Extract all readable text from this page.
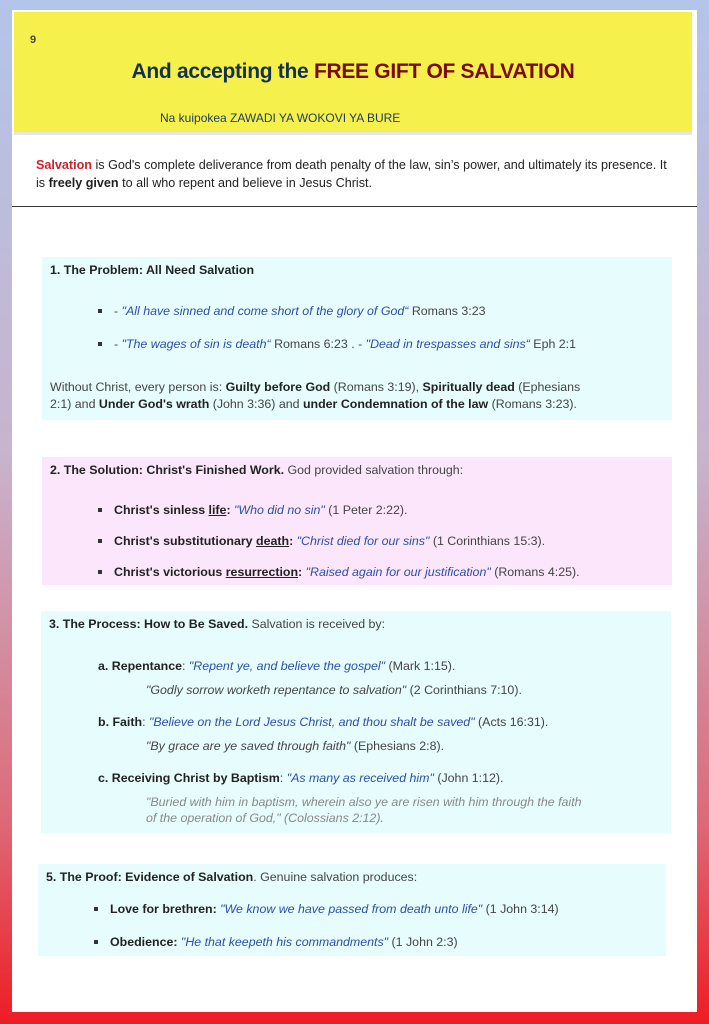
9
And accepting the FREE GIFT OF SALVATION
Na kuipokea ZAWADI YA WOKOVI YA BURE
Salvation is God's complete deliverance from death penalty of the law, sin’s power, and ultimately its presence. It is freely given to all who repent and believe in Jesus Christ.
1. The Problem: All Need Salvation
- "All have sinned and come short of the glory of God“ Romans 3:23
- "The wages of sin is death“ Romans 6:23 . - "Dead in trespasses and sins“ Eph 2:1
Without Christ, every person is: Guilty before God (Romans 3:19), Spiritually dead (Ephesians
2:1) and Under God's wrath (John 3:36) and under Condemnation of the law (Romans 3:23).
2. The Solution: Christ's Finished Work. God provided salvation through:
Christ's sinless life: "Who did no sin" (1 Peter 2:22).
Christ's substitutionary death: "Christ died for our sins" (1 Corinthians 15:3).
Christ's victorious resurrection: "Raised again for our justification" (Romans 4:25).
3. The Process: How to Be Saved. Salvation is received by:
a. Repentance: "Repent ye, and believe the gospel" (Mark 1:15).
"Godly sorrow worketh repentance to salvation" (2 Corinthians 7:10).
b. Faith: "Believe on the Lord Jesus Christ, and thou shalt be saved" (Acts 16:31).
"By grace are ye saved through faith" (Ephesians 2:8).
c. Receiving Christ by Baptism: "As many as received him" (John 1:12).
"Buried with him in baptism, wherein also ye are risen with him through the faith
of the operation of God," (Colossians 2:12).
5. The Proof: Evidence of Salvation. Genuine salvation produces:
Love for brethren: "We know we have passed from death unto life" (1 John 3:14)
Obedience: "He that keepeth his commandments" (1 John 2:3)
